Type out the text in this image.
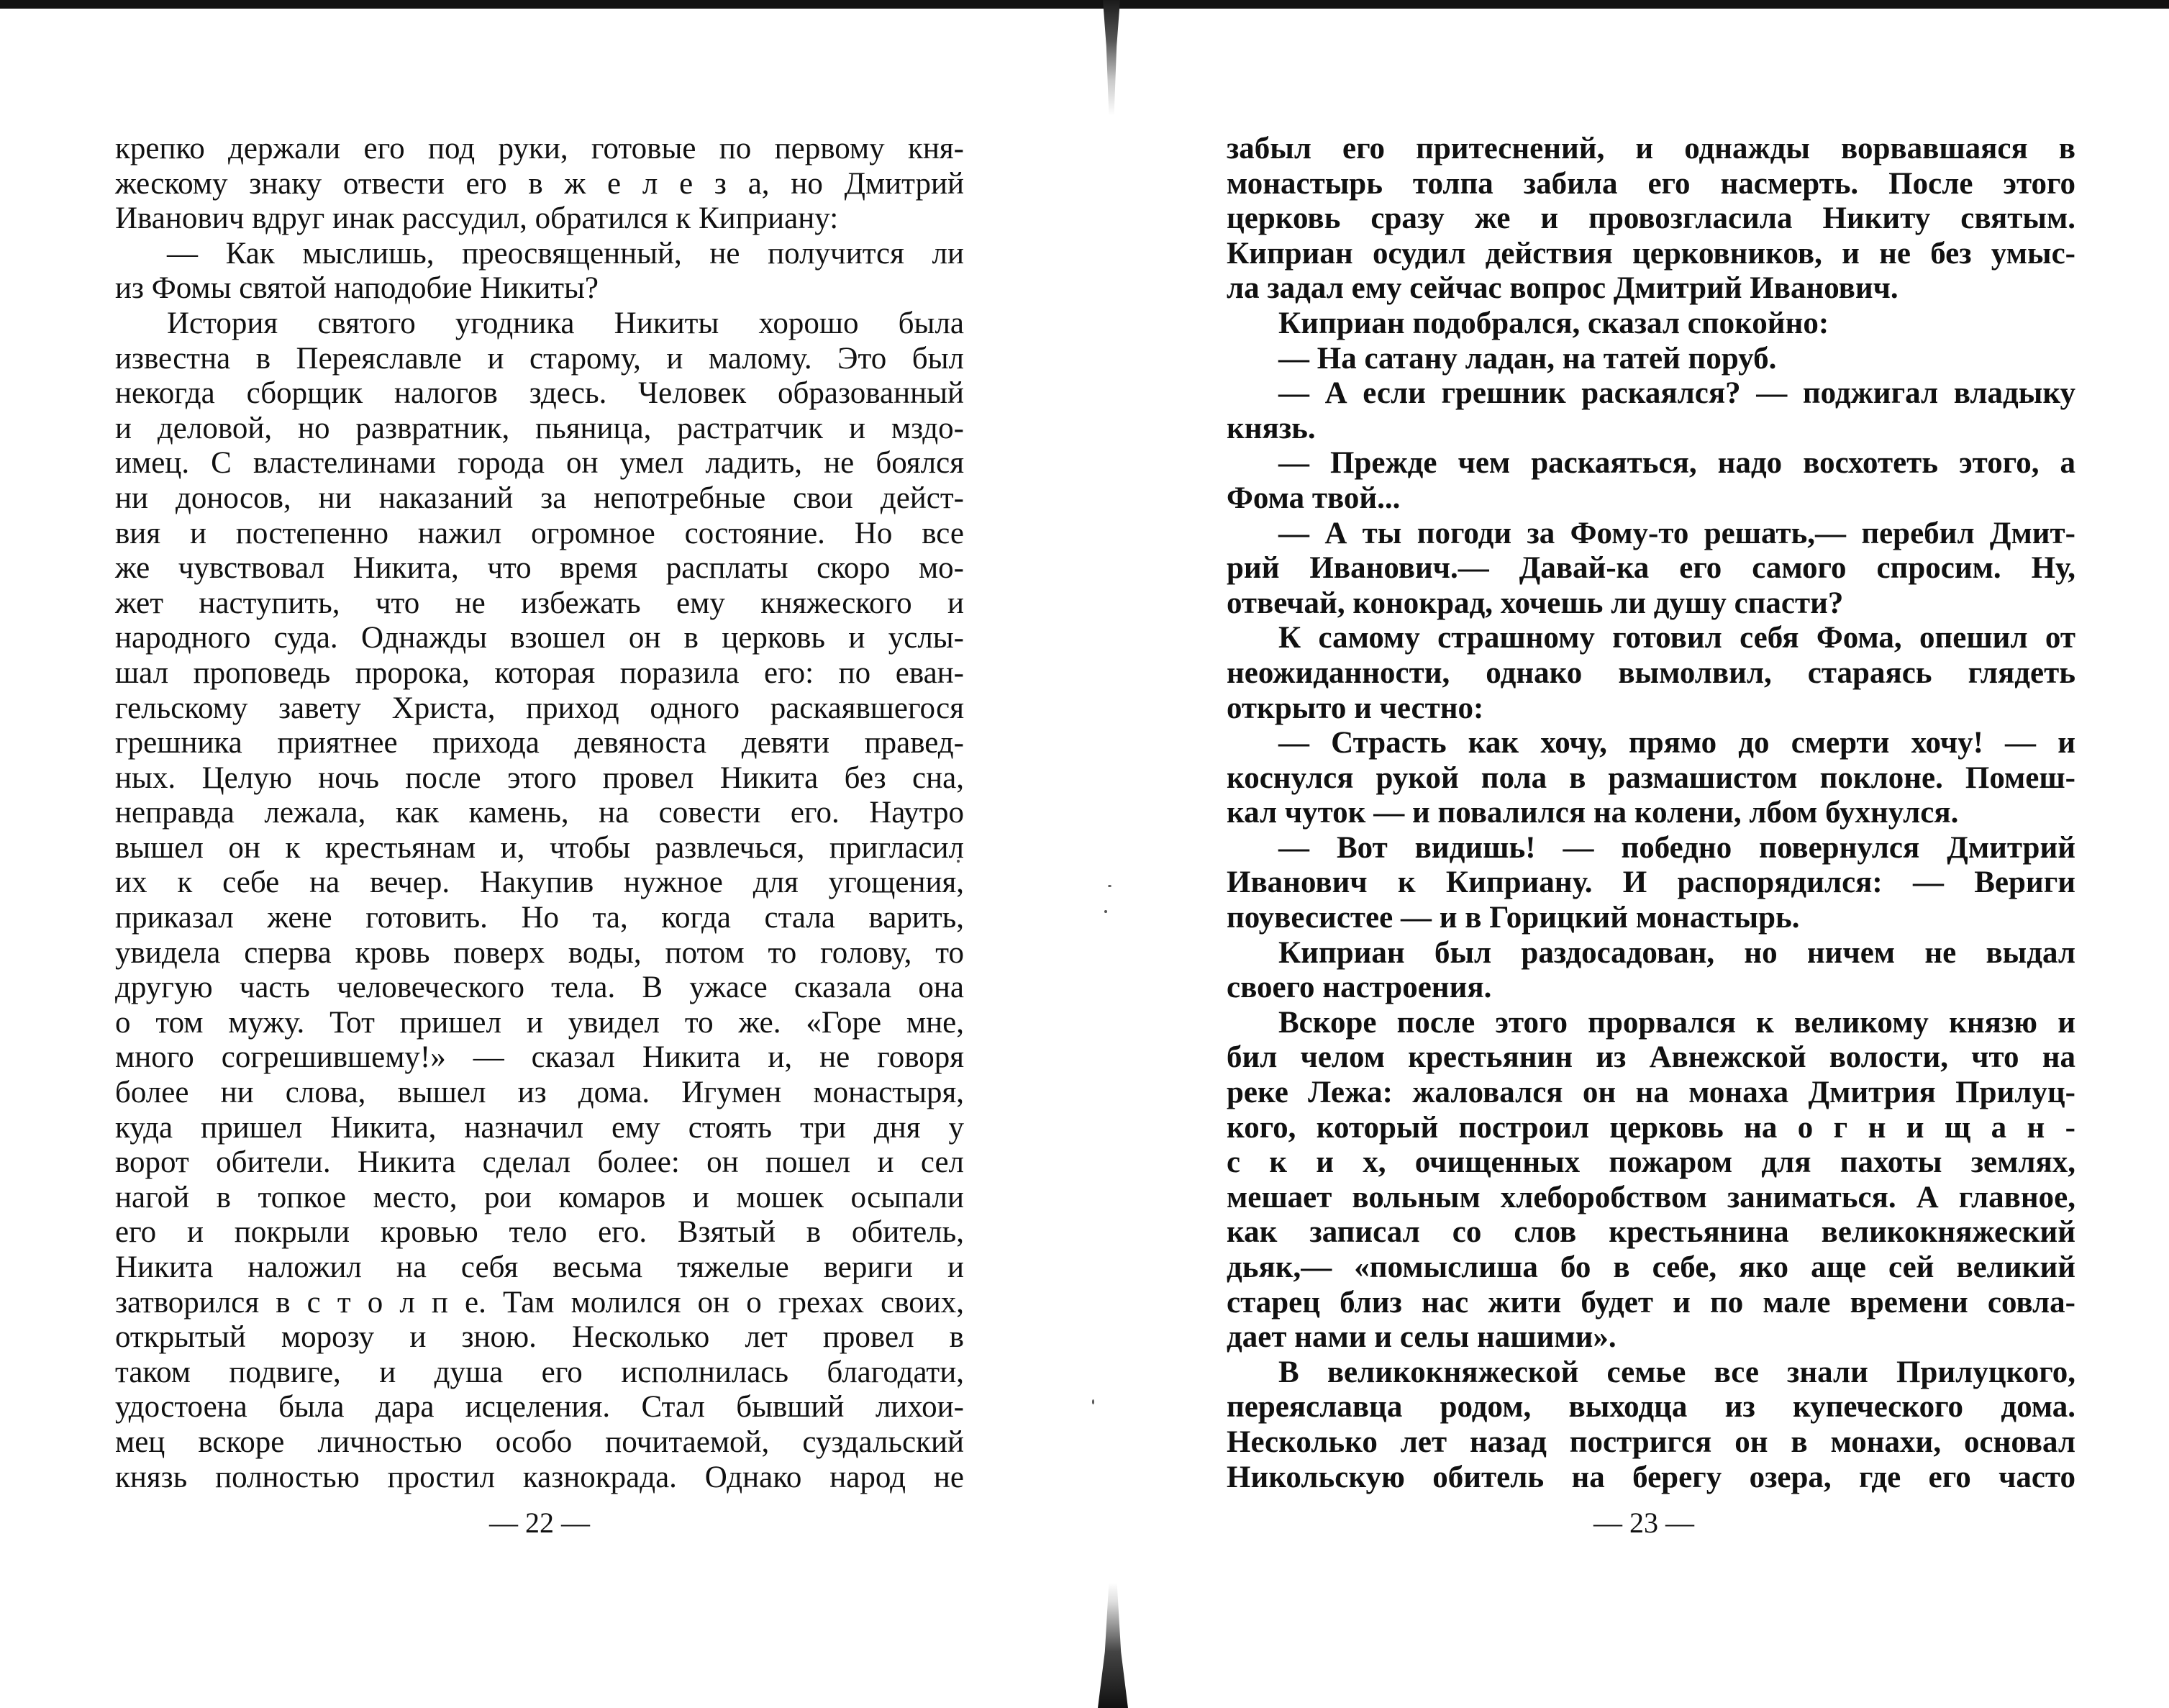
крепко держали его под руки, готовые по первому кня-
жескому знаку отвести его в ж е л е з а, но Дмитрий
Иванович вдруг инак рассудил, обратился к Киприану:
— Как мыслишь, преосвященный, не получится ли
из Фомы святой наподобие Никиты?
История святого угодника Никиты хорошо была
известна в Переяславле и старому, и малому. Это был
некогда сборщик налогов здесь. Человек образованный
и деловой, но развратник, пьяница, растратчик и мздо-
имец. С властелинами города он умел ладить, не боялся
ни доносов, ни наказаний за непотребные свои дейст-
вия и постепенно нажил огромное состояние. Но все
же чувствовал Никита, что время расплаты скоро мо-
жет наступить, что не избежать ему княжеского и
народного суда. Однажды взошел он в церковь и услы-
шал проповедь пророка, которая поразила его: по еван-
гельскому завету Христа, приход одного раскаявшегося
грешника приятнее прихода девяноста девяти правед-
ных. Целую ночь после этого провел Никита без сна,
неправда лежала, как камень, на совести его. Наутро
вышел он к крестьянам и, чтобы развлечься, пригласил
их к себе на вечер. Накупив нужное для угощения,
приказал жене готовить. Но та, когда стала варить,
увидела сперва кровь поверх воды, потом то голову, то
другую часть человеческого тела. В ужасе сказала она
о том мужу. Тот пришел и увидел то же. «Горе мне,
много согрешившему!» — сказал Никита и, не говоря
более ни слова, вышел из дома. Игумен монастыря,
куда пришел Никита, назначил ему стоять три дня у
ворот обители. Никита сделал более: он пошел и сел
нагой в топкое место, рои комаров и мошек осыпали
его и покрыли кровью тело его. Взятый в обитель,
Никита наложил на себя весьма тяжелые вериги и
затворился в с т о л п е. Там молился он о грехах своих,
открытый морозу и зною. Несколько лет провел в
таком подвиге, и душа его исполнилась благодати,
удостоена была дара исцеления. Стал бывший лихои-
мец вскоре личностью особо почитаемой, суздальский
князь полностью простил казнокрада. Однако народ не
— 22 —
забыл его притеснений, и однажды ворвавшаяся в
монастырь толпа забила его насмерть. После этого
церковь сразу же и провозгласила Никиту святым.
Киприан осудил действия церковников, и не без умыс-
ла задал ему сейчас вопрос Дмитрий Иванович.
Киприан подобрался, сказал спокойно:
— На сатану ладан, на татей поруб.
— А если грешник раскаялся? — поджигал владыку
князь.
— Прежде чем раскаяться, надо восхотеть этого, а
Фома твой...
— А ты погоди за Фому-то решать,— перебил Дмит-
рий Иванович.— Давай-ка его самого спросим. Ну,
отвечай, конокрад, хочешь ли душу спасти?
К самому страшному готовил себя Фома, опешил от
неожиданности, однако вымолвил, стараясь глядеть
открыто и честно:
— Страсть как хочу, прямо до смерти хочу! — и
коснулся рукой пола в размашистом поклоне. Помеш-
кал чуток — и повалился на колени, лбом бухнулся.
— Вот видишь! — победно повернулся Дмитрий
Иванович к Киприану. И распорядился: — Вериги
поувесистее — и в Горицкий монастырь.
Киприан был раздосадован, но ничем не выдал
своего настроения.
Вскоре после этого прорвался к великому князю и
бил челом крестьянин из Авнежской волости, что на
реке Лежа: жаловался он на монаха Дмитрия Прилуц-
кого, который построил церковь на о г н и щ а н -
с к и х, очищенных пожаром для пахоты землях,
мешает вольным хлеборобством заниматься. А главное,
как записал со слов крестьянина великокняжеский
дьяк,— «помыслиша бо в себе, яко аще сей великий
старец близ нас жити будет и по мале времени совла-
дает нами и селы нашими».
В великокняжеской семье все знали Прилуцкого,
переяславца родом, выходца из купеческого дома.
Несколько лет назад постригся он в монахи, основал
Никольскую обитель на берегу озера, где его часто
— 23 —
